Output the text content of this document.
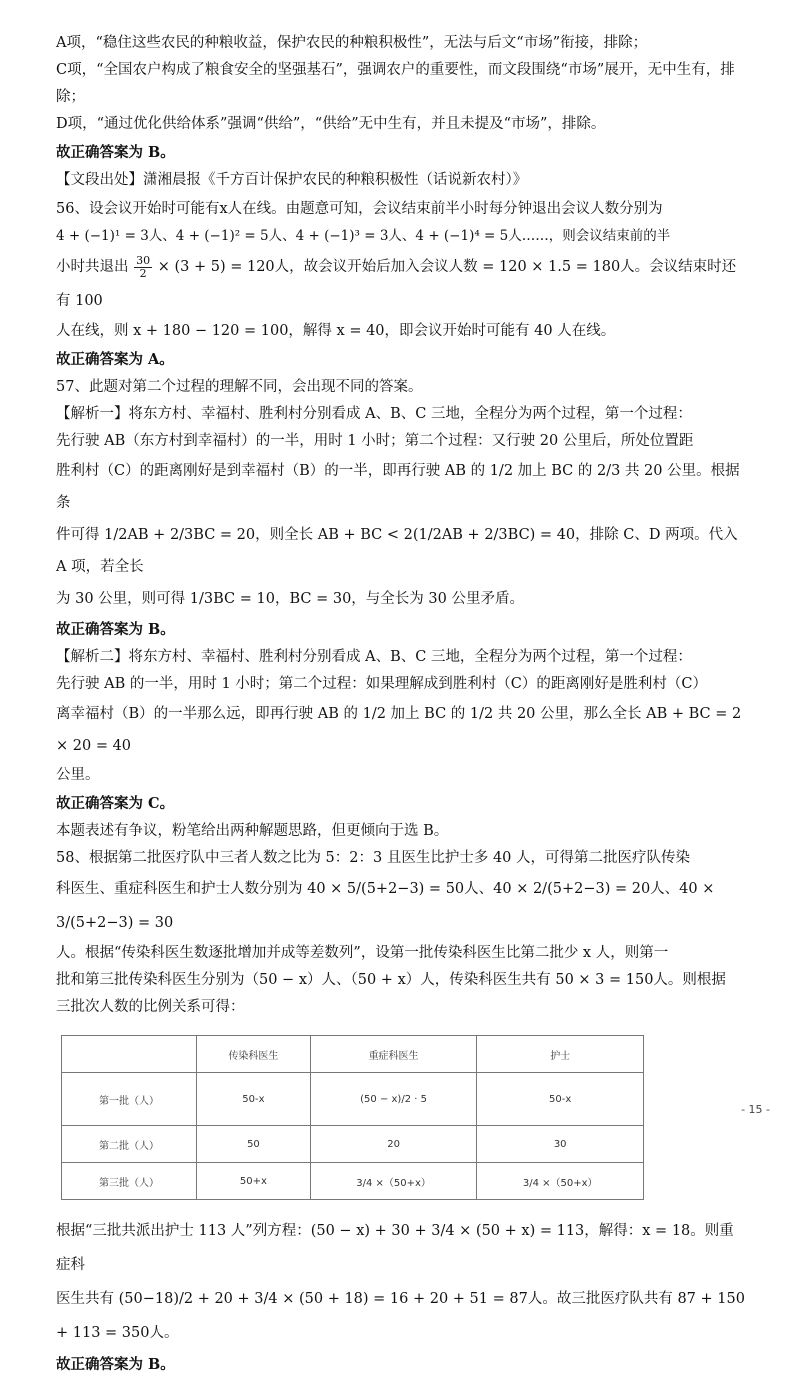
A项，“稳住这些农民的种粮收益，保护农民的种粮积极性”，无法与后文“市场”衔接，排除；

C项，“全国农户构成了粮食安全的坚强基石”，强调农户的重要性，而文段围绕“市场”展开，无中生有，排除；

D项，“通过优化供给体系”强调“供给”，“供给”无中生有，并且未提及“市场”，排除。

故正确答案为 B。

【文段出处】潇湘晨报《千方百计保护农民的种粮积极性（话说新农村）》

56、设会议开始时可能有x人在线。由题意可知，会议结束前半小时每分钟退出会议人数分别为

4 + (−1)¹ = 3人、4 + (−1)² = 5人、4 + (−1)³ = 3人、4 + (−1)⁴ = 5人……，则会议结束前的半

小时共退出 $\frac{30}{2} \times (3 + 5) = 120$人，故会议开始后加入会议人数 = 120 × 1.5 = 180人。会议结束时还有 100

人在线，则 x + 180 − 120 = 100，解得 x = 40，即会议开始时可能有 40 人在线。

故正确答案为 A。

57、此题对第二个过程的理解不同，会出现不同的答案。

【解析一】将东方村、幸福村、胜利村分别看成 A、B、C 三地，全程分为两个过程，第一个过程：

先行驶 AB（东方村到幸福村）的一半，用时 1 小时；第二个过程：又行驶 20 公里后，所处位置距

胜利村（C）的距离刚好是到幸福村（B）的一半，即再行驶 AB 的 1/2 加上 BC 的 2/3 共 20 公里。根据条

件可得 1/2AB + 2/3BC = 20，则全长 AB + BC < 2(1/2AB + 2/3BC) = 40，排除 C、D 两项。代入 A 项，若全长

为 30 公里，则可得 1/3BC = 10，BC = 30，与全长为 30 公里矛盾。

故正确答案为 B。

【解析二】将东方村、幸福村、胜利村分别看成 A、B、C 三地，全程分为两个过程，第一个过程：

先行驶 AB 的一半，用时 1 小时；第二个过程：如果理解成到胜利村（C）的距离刚好是胜利村（C）

离幸福村（B）的一半那么远，即再行驶 AB 的 1/2 加上 BC 的 1/2 共 20 公里，那么全长 AB + BC = 2 × 20 = 40

公里。

故正确答案为 C。

本题表述有争议，粉笔给出两种解题思路，但更倾向于选 B。

58、根据第二批医疗队中三者人数之比为 5：2：3 且医生比护士多 40 人，可得第二批医疗队传染

科医生、重症科医生和护士人数分别为 40 × 5/(5+2−3) = 50人、40 × 2/(5+2−3) = 20人、40 × 3/(5+2−3) = 30

人。根据“传染科医生数逐批增加并成等差数列”，设第一批传染科医生比第二批少 x 人，则第一

批和第三批传染科医生分别为（50 − x）人、（50 + x）人，传染科医生共有 50 × 3 = 150人。则根据

三批次人数的比例关系可得：

	传染科医生	重症科医生	护士
第一批（人）	50-x	(50 − x)/2 · 5	50-x
第二批（人）	50	20	30
第三批（人）	50+x	3/4 ×（50+x）	3/4 ×（50+x）

根据“三批共派出护士 113 人”列方程：(50 − x) + 30 + 3/4 × (50 + x) = 113，解得：x = 18。则重症科

医生共有 (50−18)/2 + 20 + 3/4 × (50 + 18) = 16 + 20 + 51 = 87人。故三批医疗队共有 87 + 150 + 113 = 350人。

故正确答案为 B。

- 15 -
